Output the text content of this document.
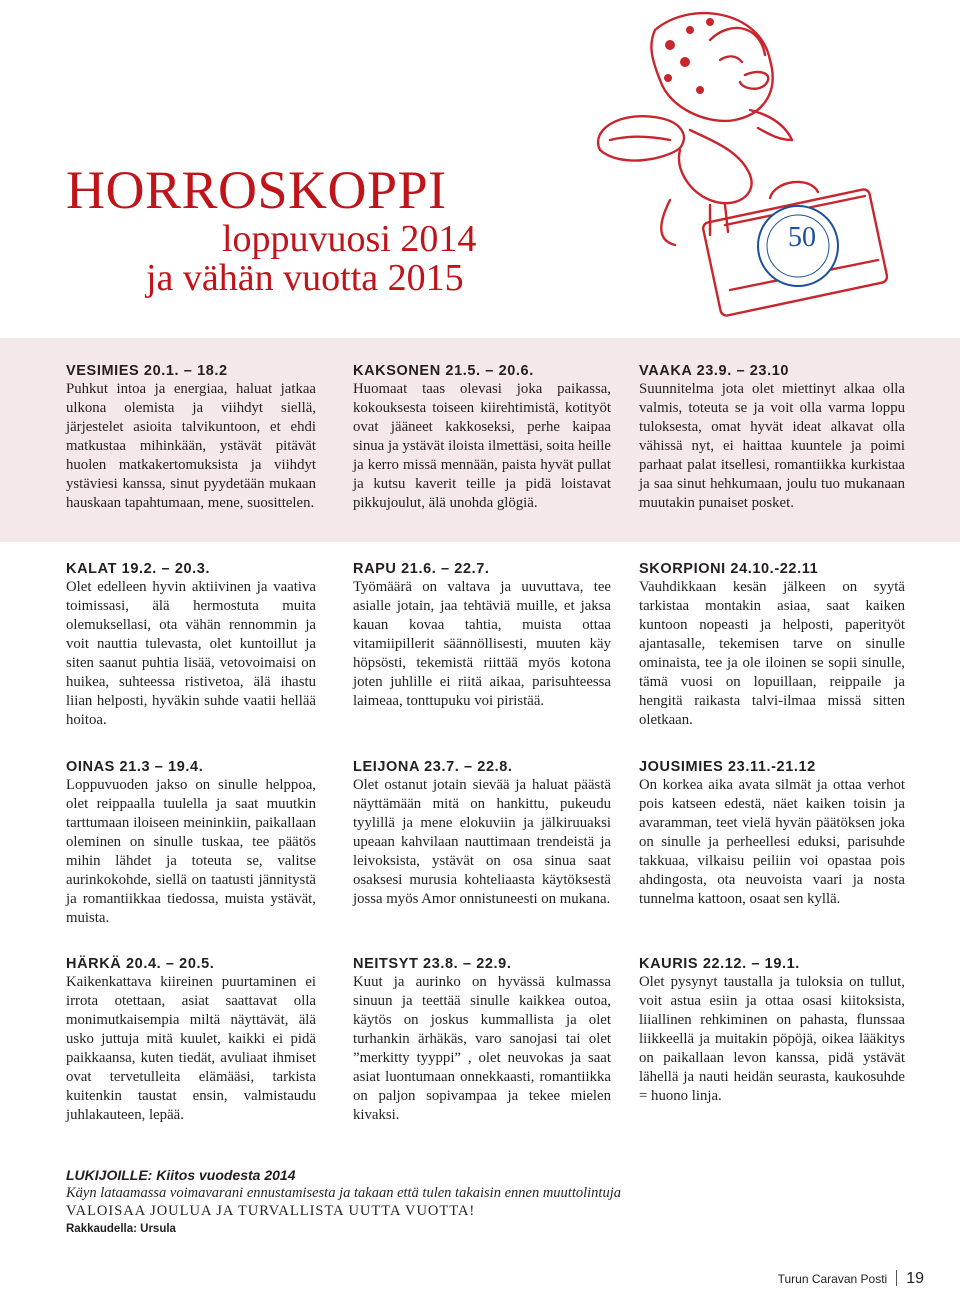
HORROSKOPPI
loppuvuosi 2014
ja vähän vuotta 2015
50
VESIMIES 20.1. – 18.2

Puhkut intoa ja energiaa, haluat jatkaa ulkona olemista ja viihdyt siellä, järjestelet asioita talvikuntoon, et ehdi matkustaa mihinkään, ystävät pitävät huolen matkakertomuksista ja viihdyt ystäviesi kanssa, sinut pyydetään mukaan hauskaan tapahtumaan, mene, suosittelen.

KALAT 19.2. – 20.3.

Olet edelleen hyvin aktiivinen ja vaativa toimissasi, älä hermostuta muita olemuksellasi, ota vähän rennommin ja voit nauttia tulevasta, olet kuntoillut ja siten saanut puhtia lisää, vetovoimaisi on huikea, suhteessa ristivetoa, älä ihastu liian helposti, hyväkin suhde vaatii hellää hoitoa.

OINAS 21.3 – 19.4.

Loppuvuoden jakso on sinulle helppoa, olet reippaalla tuulella ja saat muutkin tarttumaan iloiseen meininkiin, paikallaan oleminen on sinulle tuskaa, tee päätös mihin lähdet ja toteuta se, valitse aurinkokohde, siellä on taatusti jännitystä ja romantiikkaa tiedossa, muista ystävät, muista.

HÄRKÄ 20.4. – 20.5.

Kaikenkattava kiireinen puurtaminen ei irrota otettaan, asiat saattavat olla monimutkaisempia miltä näyttävät, älä usko juttuja mitä kuulet, kaikki ei pidä paikkaansa, kuten tiedät, avuliaat ihmiset ovat tervetulleita elämääsi, tarkista kuitenkin taustat ensin, valmistaudu juhlakauteen, lepää.

KAKSONEN 21.5. – 20.6.

Huomaat taas olevasi joka paikassa, kokouksesta toiseen kiirehtimistä, kotityöt ovat jääneet kakkoseksi, perhe kaipaa sinua ja ystävät iloista ilmettäsi, soita heille ja kerro missä mennään, paista hyvät pullat ja kutsu kaverit teille ja pidä loistavat pikkujoulut, älä unohda glögiä.

RAPU 21.6. – 22.7.

Työmäärä on valtava ja uuvuttava, tee asialle jotain, jaa tehtäviä muille, et jaksa kauan kovaa tahtia, muista ottaa vitamiipillerit säännöllisesti, muuten käy höpsösti, tekemistä riittää myös kotona joten juhlille ei riitä aikaa, parisuhteessa laimeaa, tonttupuku voi piristää.

LEIJONA 23.7. – 22.8.

Olet ostanut jotain sievää ja haluat päästä näyttämään mitä on hankittu, pukeudu tyylillä ja mene elokuviin ja jälkiruuaksi upeaan kahvilaan nauttimaan trendeistä ja leivoksista, ystävät on osa sinua saat osaksesi murusia kohteliaasta käytöksestä jossa myös Amor onnistuneesti on mukana.

NEITSYT 23.8. – 22.9.

Kuut ja aurinko on hyvässä kulmassa sinuun ja teettää sinulle kaikkea outoa, käytös on joskus kummallista ja olet turhankin ärhäkäs, varo sanojasi tai olet ”merkitty tyyppi” , olet neuvokas ja saat asiat luontumaan onnekkaasti, romantiikka on paljon sopivampaa ja tekee mielen kivaksi.

VAAKA 23.9. – 23.10

Suunnitelma jota olet miettinyt alkaa olla valmis, toteuta se ja voit olla varma loppu tuloksesta, omat hyvät ideat alkavat olla vähissä nyt, ei haittaa kuuntele ja poimi parhaat palat itsellesi, romantiikka kurkistaa ja saa sinut hehkumaan, joulu tuo mukanaan muutakin punaiset posket.

SKORPIONI 24.10.-22.11

Vauhdikkaan kesän jälkeen on syytä tarkistaa montakin asiaa, saat kaiken kuntoon nopeasti ja helposti, paperityöt ajantasalle, tekemisen tarve on sinulle ominaista, tee ja ole iloinen se sopii sinulle, tämä vuosi on lopuillaan, reippaile ja hengitä raikasta talvi-ilmaa missä sitten oletkaan.

JOUSIMIES 23.11.-21.12

On korkea aika avata silmät ja ottaa verhot pois katseen edestä, näet kaiken toisin ja avaramman, teet vielä hyvän päätöksen joka on sinulle ja perheellesi eduksi, parisuhde takkuaa, vilkaisu peiliin voi opastaa pois ahdingosta, ota neuvoista vaari ja nosta tunnelma kattoon, osaat sen kyllä.

KAURIS 22.12. – 19.1.

Olet pysynyt taustalla ja tuloksia on tullut, voit astua esiin ja ottaa osasi kiitoksista, liiallinen rehkiminen on pahasta, flunssaa liikkeellä ja muitakin pöpöjä, oikea lääkitys on paikallaan levon kanssa, pidä ystävät lähellä ja nauti heidän seurasta, kaukosuhde = huono linja.

LUKIJOILLE: Kiitos vuodesta 2014
Käyn lataamassa voimavarani ennustamisesta ja takaan että tulen takaisin ennen muuttolintuja
VALOISAA JOULUA JA TURVALLISTA UUTTA VUOTTA!
Rakkaudella: Ursula
Turun Caravan Posti 19
